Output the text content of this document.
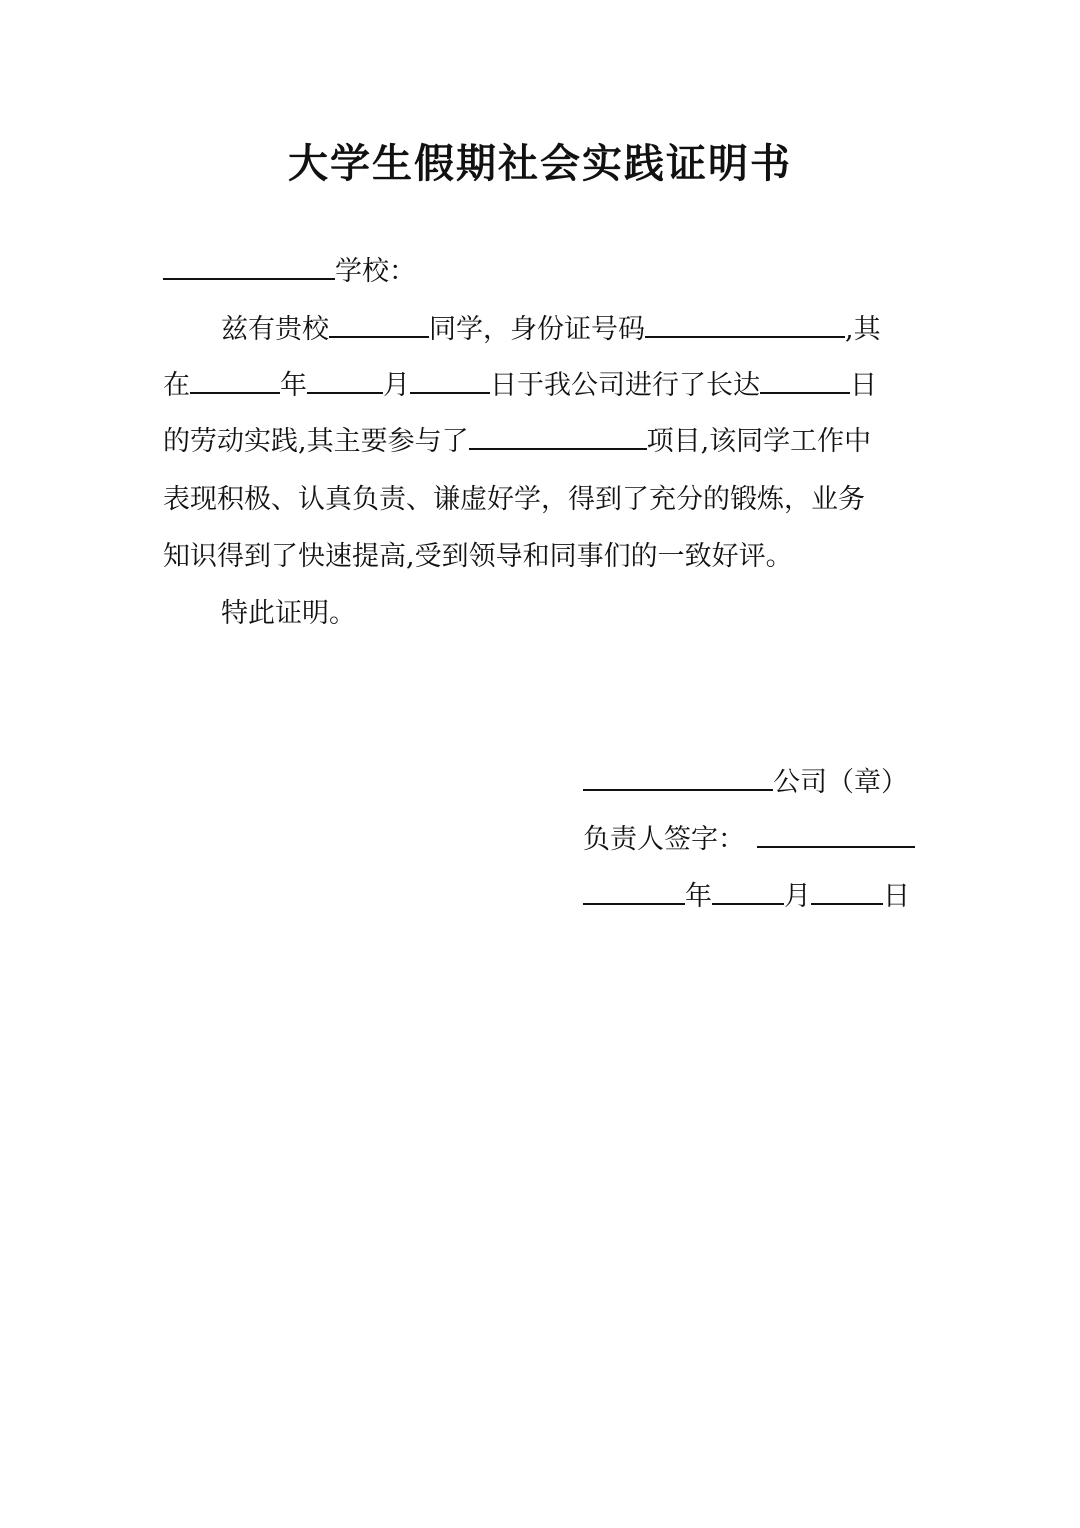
大学生假期社会实践证明书
学校：
兹有贵校	同学，身份证号码	,其
在	年	月	日于我公司进行了长达	日
的劳动实践,其主要参与了	项目,该同学工作中
表现积极、认真负责、谦虚好学，得到了充分的锻炼，业务
知识得到了快速提高,受到领导和同事们的一致好评。
特此证明。
公司（章）
负责人签字：
年	月	日
